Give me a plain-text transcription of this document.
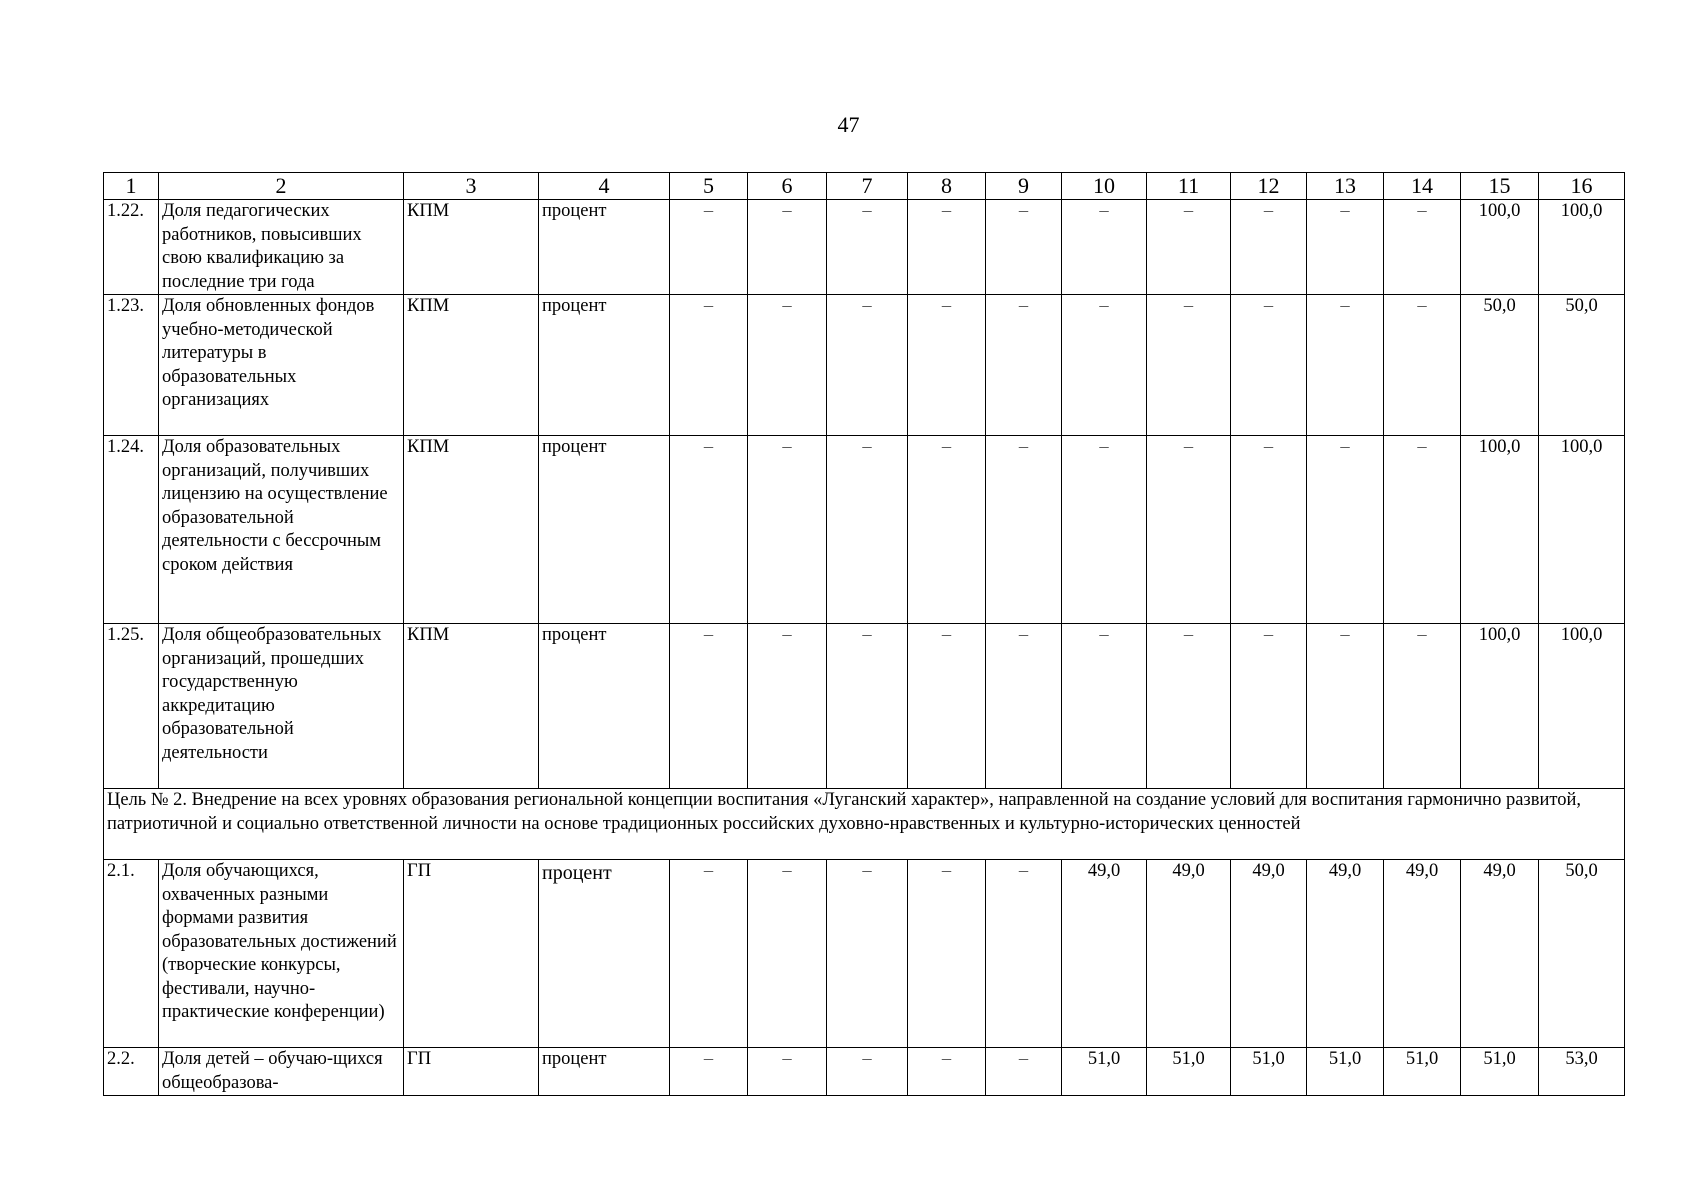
47
1	2	3	4	5	6	7	8	9	10	11	12	13	14	15	16
1.22.	Доля педагогических работников, повысивших свою квалификацию за последние три года	КПМ	процент	–	–	–	–	–	–	–	–	–	–	100,0	100,0
1.23.	Доля обновленных фондов учебно-методической литературы в образовательных организациях	КПМ	процент	–	–	–	–	–	–	–	–	–	–	50,0	50,0
1.24.	Доля образовательных организаций, получивших лицензию на осуществление образовательной деятельности с бессрочным сроком действия	КПМ	процент	–	–	–	–	–	–	–	–	–	–	100,0	100,0
1.25.	Доля общеобразовательных организаций, прошедших государственную аккредитацию образовательной деятельности	КПМ	процент	–	–	–	–	–	–	–	–	–	–	100,0	100,0
Цель № 2. Внедрение на всех уровнях образования региональной концепции воспитания «Луганский характер», направленной на создание условий для воспитания гармонично развитой, патриотичной и социально ответственной личности на основе традиционных российских духовно-нравственных и культурно-исторических ценностей															
2.1.	Доля обучающихся, охваченных разными формами развития образовательных достижений (творческие конкурсы, фестивали, научно-практические конференции)	ГП	процент	–	–	–	–	–	49,0	49,0	49,0	49,0	49,0	49,0	50,0
2.2.	Доля детей – обучаю-щихся общеобразова-	ГП	процент	–	–	–	–	–	51,0	51,0	51,0	51,0	51,0	51,0	53,0
